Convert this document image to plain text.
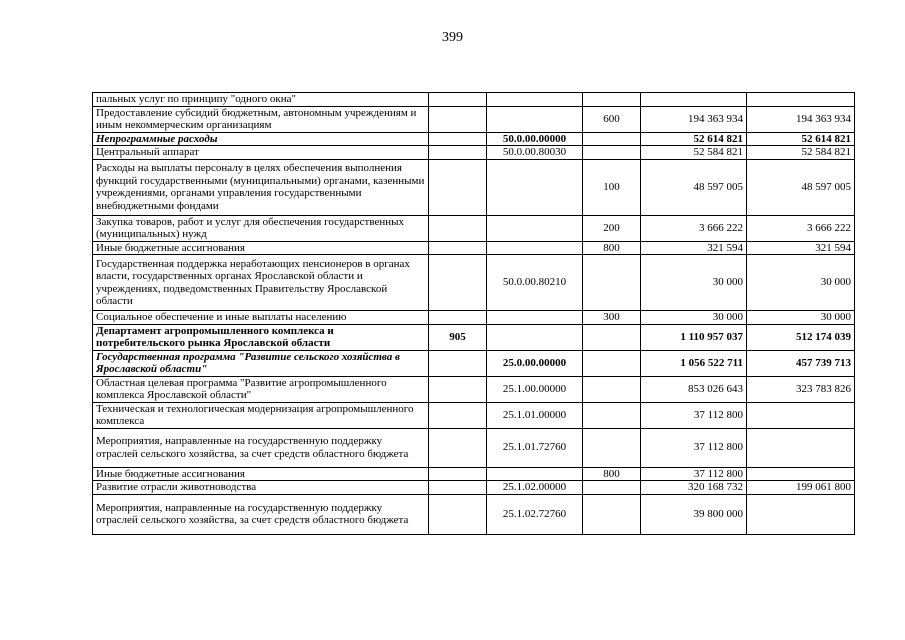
399
пальных услуг по принципу "одного окна"					
Предоставление субсидий бюджетным, автономным учреждениям и иным некоммерческим организациям			600	194 363 934	194 363 934
Непрограммные расходы		50.0.00.00000		52 614 821	52 614 821
Центральный аппарат		50.0.00.80030		52 584 821	52 584 821
Расходы на выплаты персоналу в целях обеспечения выполнения функций государственными (муниципальными) органами, казенными учреждениями, органами управления государственными внебюджетными фондами			100	48 597 005	48 597 005
Закупка товаров, работ и услуг для обеспечения государственных (муниципальных) нужд			200	3 666 222	3 666 222
Иные бюджетные ассигнования			800	321 594	321 594
Государственная поддержка неработающих пенсионеров в органах власти, государственных органах Ярославской области и учреждениях, подведомственных Правительству Ярославской области		50.0.00.80210		30 000	30 000
Социальное обеспечение и иные выплаты населению			300	30 000	30 000
Департамент агропромышленного комплекса и потребительского рынка Ярославской области	905			1 110 957 037	512 174 039
Государственная программа "Развитие сельского хозяйства в Ярославской области"		25.0.00.00000		1 056 522 711	457 739 713
Областная целевая программа "Развитие агропромышленного комплекса Ярославской области"		25.1.00.00000		853 026 643	323 783 826
Техническая и технологическая модернизация агропромышленного комплекса		25.1.01.00000		37 112 800	
Мероприятия, направленные на государственную поддержку отраслей сельского хозяйства, за счет средств областного бюджета		25.1.01.72760		37 112 800	
Иные бюджетные ассигнования			800	37 112 800	
Развитие отрасли животноводства		25.1.02.00000		320 168 732	199 061 800
Мероприятия, направленные на государственную поддержку отраслей сельского хозяйства, за счет средств областного бюджета		25.1.02.72760		39 800 000	
